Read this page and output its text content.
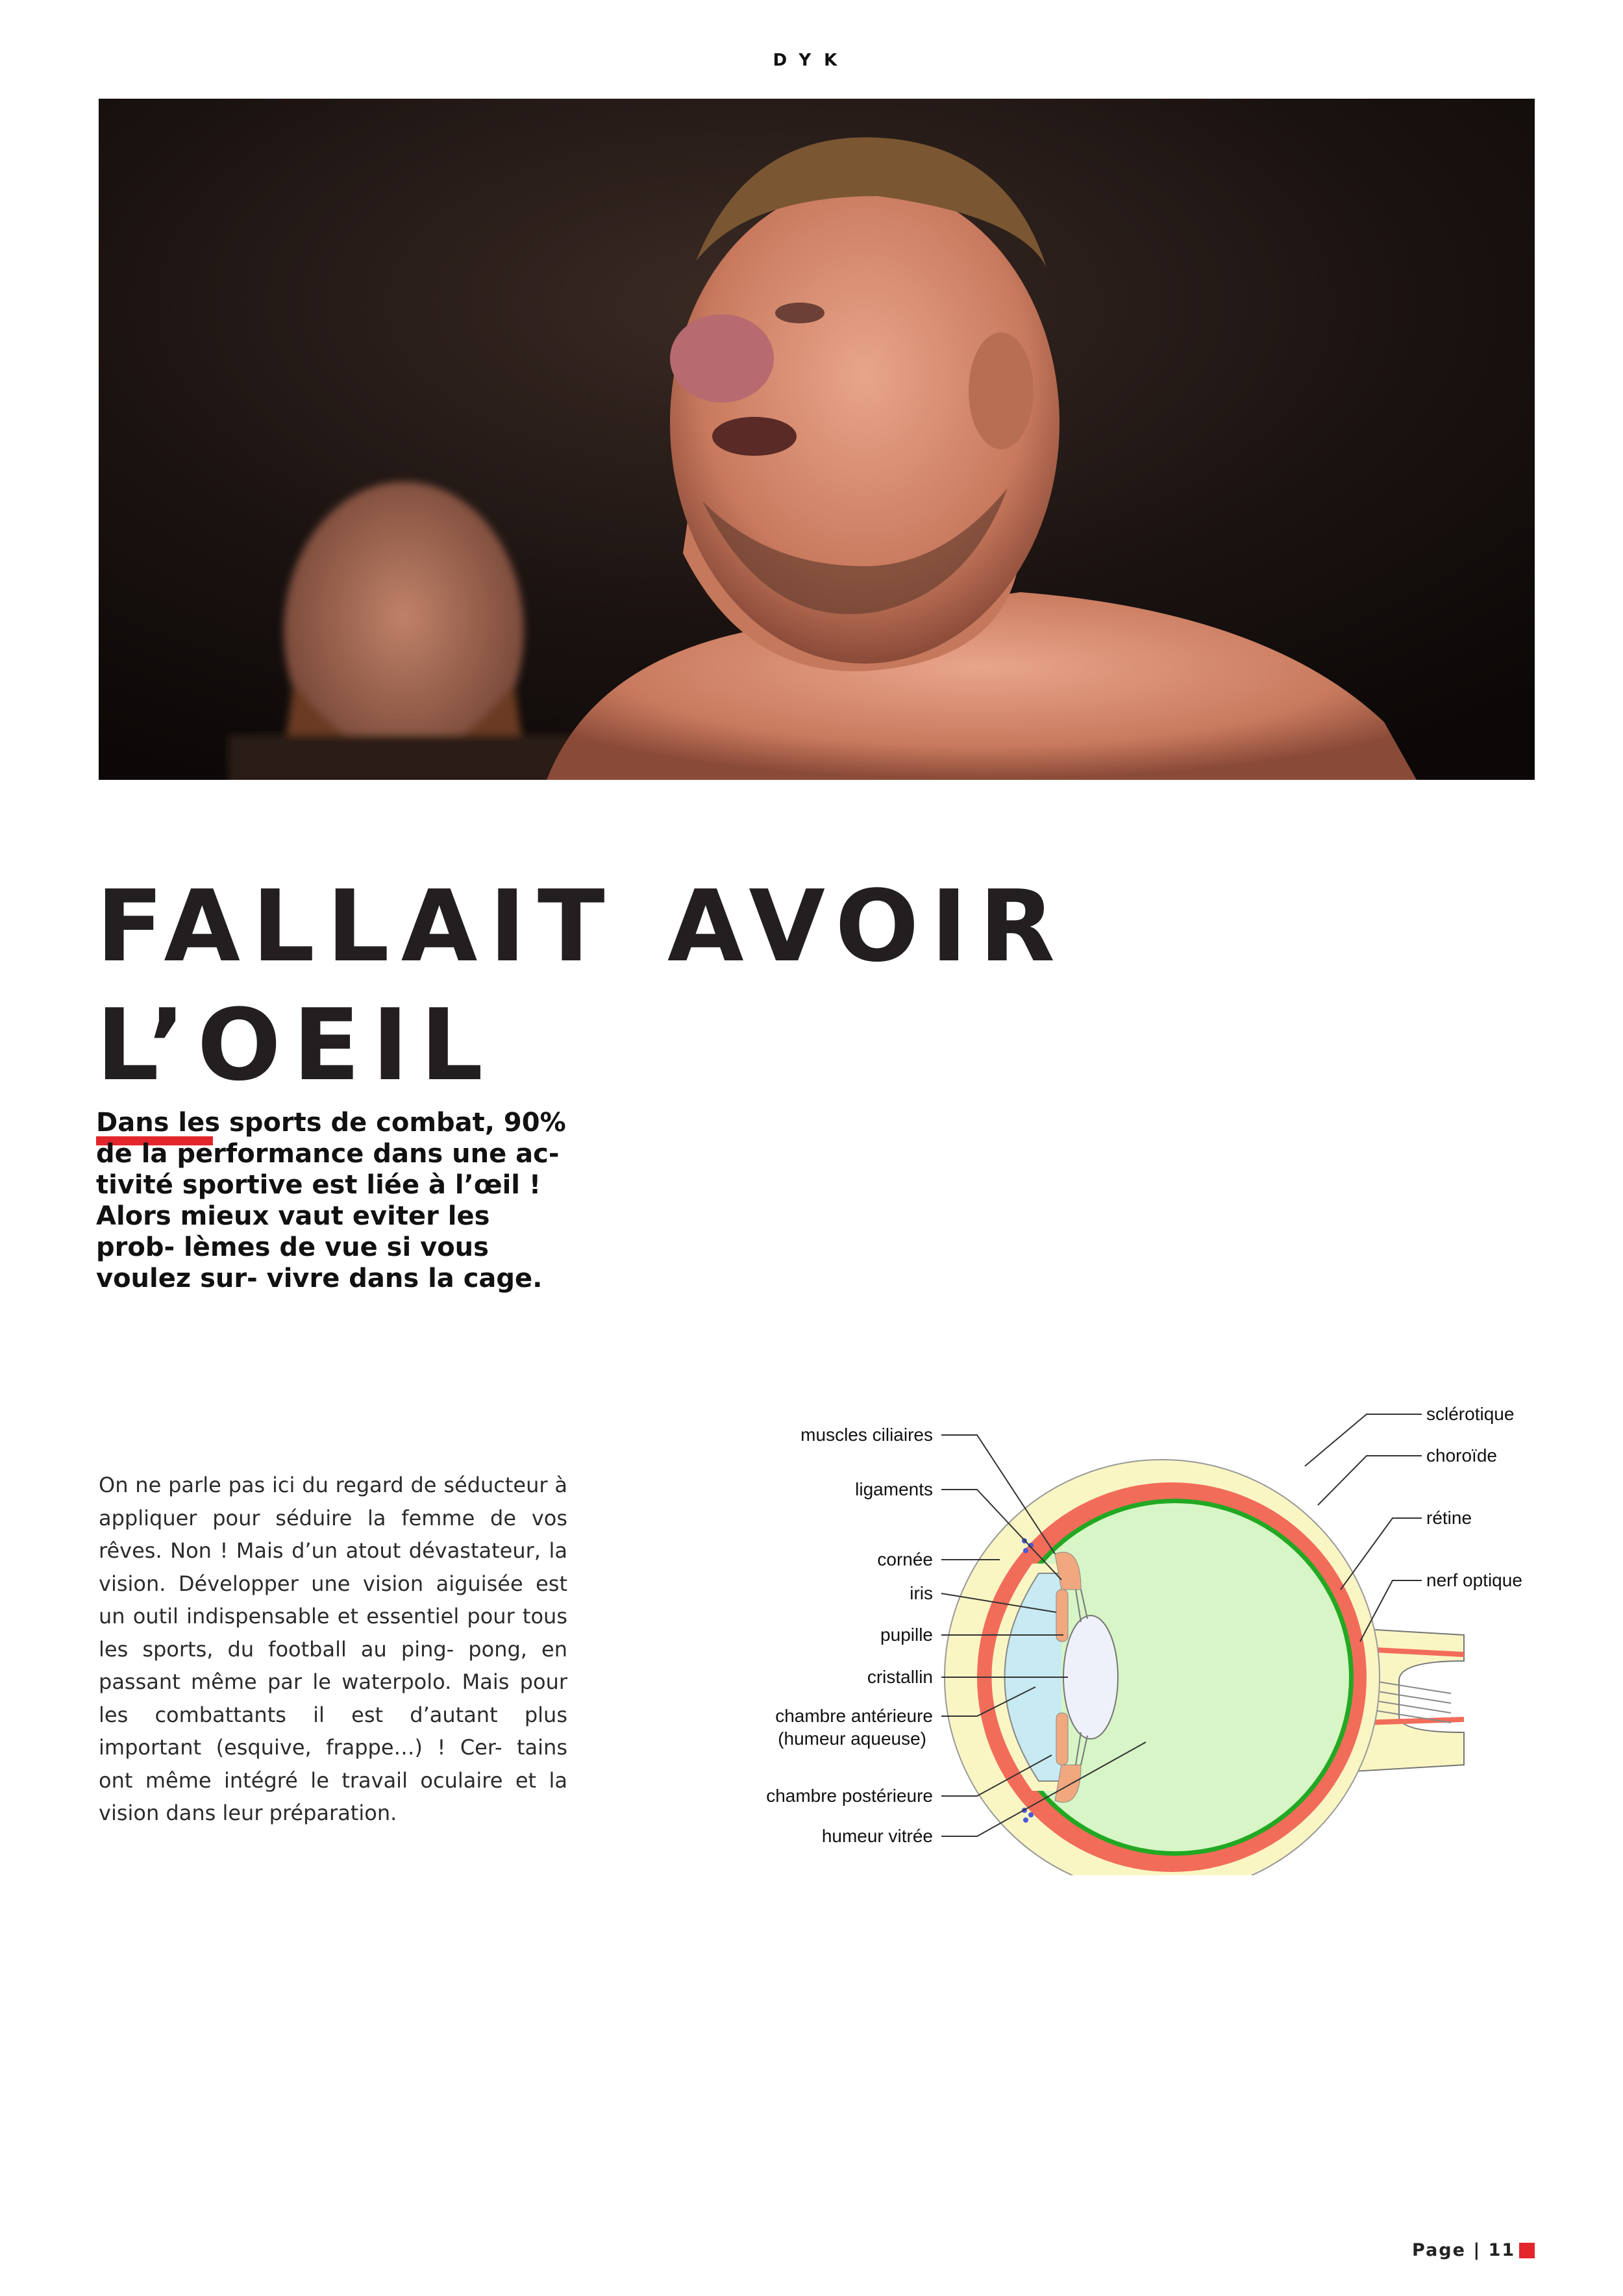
DYK
FALLAIT AVOIR
L’OEIL
Dans les sports de combat, 90% de la performance dans une ac- tivité sportive est liée à l’œil ! Alors mieux vaut eviter les prob- lèmes de vue si vous voulez sur- vivre dans la cage.
On ne parle pas ici du regard de séducteur à appliquer pour séduire la femme de vos rêves. Non ! Mais d’un atout dévastateur, la vision. Développer une vision aiguisée est un outil indispensable et essentiel pour tous les sports, du football au ping- pong, en passant même par le waterpolo. Mais pour les combattants il est d’autant plus important (esquive, frappe…) ! Cer- tains ont même intégré le travail oculaire et la vision dans leur préparation.
muscles ciliaires
ligaments
cornée
iris
pupille
cristallin
chambre antérieure
(humeur aqueuse)
chambre postérieure
humeur vitrée
sclérotique
choroïde
rétine
nerf optique
Page | 11
